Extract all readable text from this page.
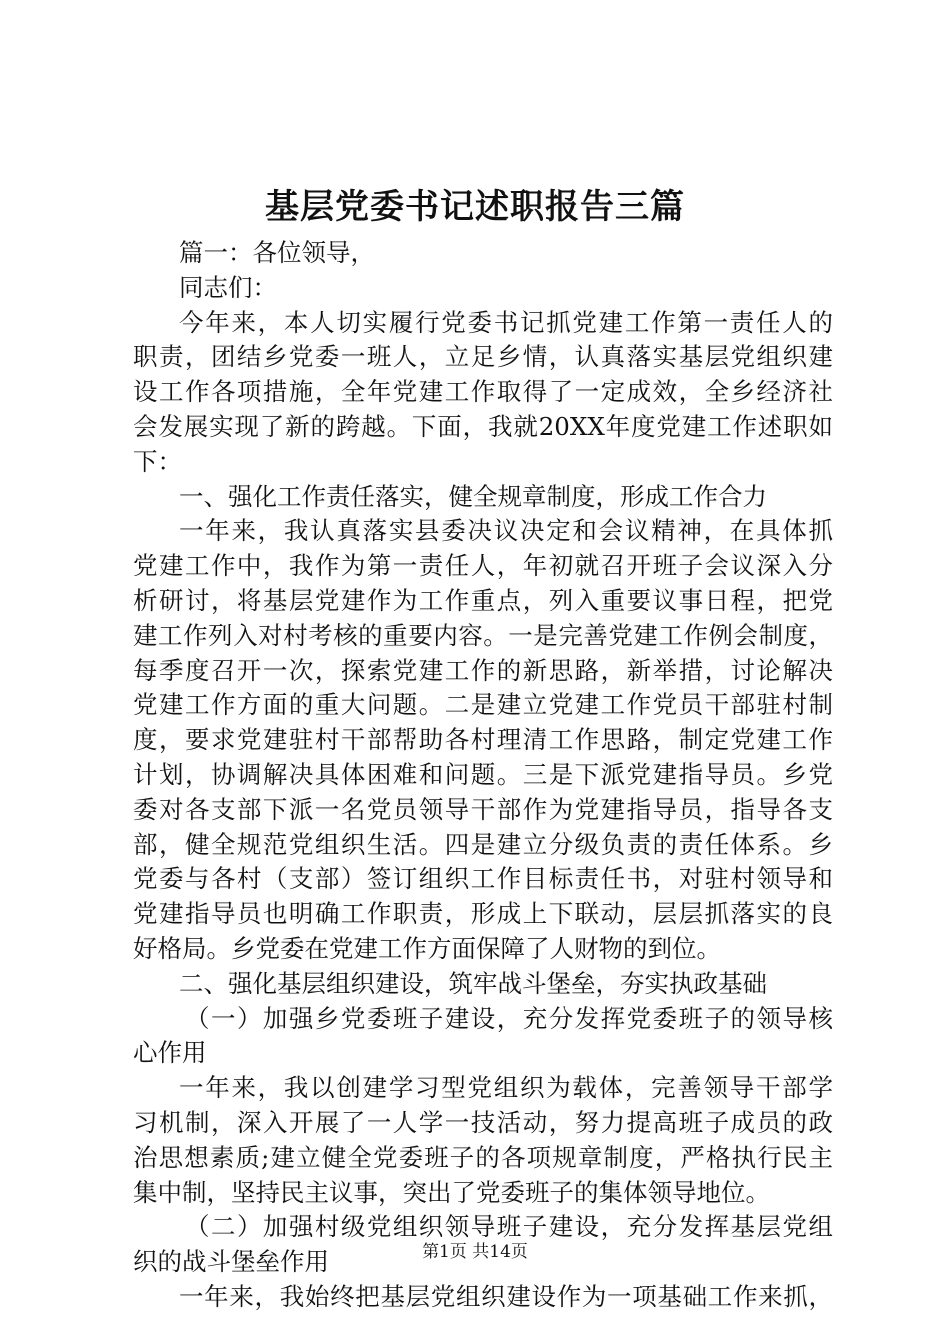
基层党委书记述职报告三篇
篇一：各位领导，
同志们：
今年来，本人切实履行党委书记抓党建工作第一责任人的
职责，团结乡党委一班人，立足乡情，认真落实基层党组织建
设工作各项措施，全年党建工作取得了一定成效，全乡经济社
会发展实现了新的跨越。下面，我就20XX年度党建工作述职如
下：
一、强化工作责任落实，健全规章制度，形成工作合力
一年来，我认真落实县委决议决定和会议精神，在具体抓
党建工作中，我作为第一责任人，年初就召开班子会议深入分
析研讨，将基层党建作为工作重点，列入重要议事日程，把党
建工作列入对村考核的重要内容。一是完善党建工作例会制度，
每季度召开一次，探索党建工作的新思路，新举措，讨论解决
党建工作方面的重大问题。二是建立党建工作党员干部驻村制
度，要求党建驻村干部帮助各村理清工作思路，制定党建工作
计划，协调解决具体困难和问题。三是下派党建指导员。乡党
委对各支部下派一名党员领导干部作为党建指导员，指导各支
部，健全规范党组织生活。四是建立分级负责的责任体系。乡
党委与各村（支部）签订组织工作目标责任书，对驻村领导和
党建指导员也明确工作职责，形成上下联动，层层抓落实的良
好格局。乡党委在党建工作方面保障了人财物的到位。
二、强化基层组织建设，筑牢战斗堡垒，夯实执政基础
（一）加强乡党委班子建设，充分发挥党委班子的领导核
心作用
一年来，我以创建学习型党组织为载体，完善领导干部学
习机制，深入开展了一人学一技活动，努力提高班子成员的政
治思想素质;建立健全党委班子的各项规章制度，严格执行民主
集中制，坚持民主议事，突出了党委班子的集体领导地位。
（二）加强村级党组织领导班子建设，充分发挥基层党组
织的战斗堡垒作用
一年来，我始终把基层党组织建设作为一项基础工作来抓，
第1页 共14页
